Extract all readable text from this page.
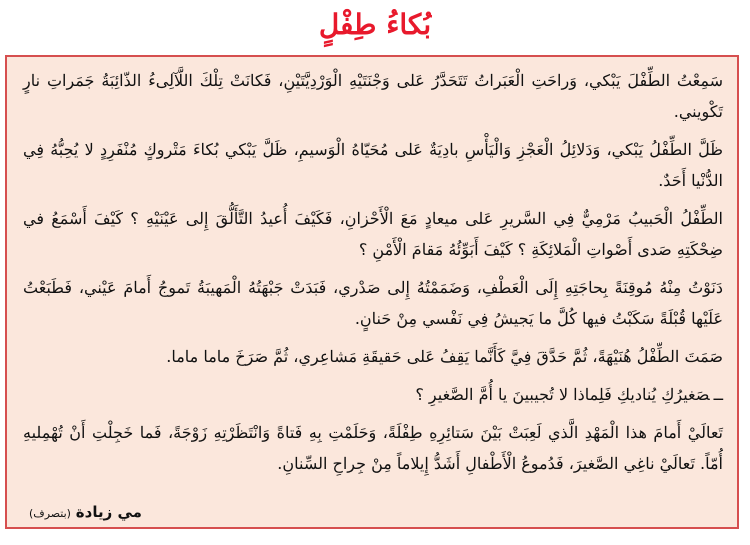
بُكاءُ طِفْلٍ

سَمِعْتُ الطِّفْلَ يَبْكي، وَراحَتِ الْعَبَراتُ تَتَحَدَّرُ عَلى وَجْنَتَيْهِ الْوَرْدِيَّتَيْنِ، فَكانَتْ تِلْكَ اللَّآلِىءُ الذّائِبَةُ جَمَراتِ نارٍ تَكْويني.

ظَلَّ الطِّفْلُ يَبْكي، وَدَلائِلُ الْعَجْزِ وَالْيَأْسِ بادِيَةٌ عَلى مُحَيّاهُ الْوَسيمِ، ظَلَّ يَبْكي بُكاءَ مَتْروكٍ مُنْفَرِدٍ لا يُحِبُّهُ فِي الدُّنْيا أَحَدٌ.

الطِّفْلُ الْحَبيبُ مَرْمِيٌّ فِي السَّريرِ عَلى ميعادٍ مَعَ الْأَحْزانِ، فَكَيْفَ أُعيدُ التَّأَلُّقَ إِلى عَيْنَيْهِ ؟ كَيْفَ أَسْمَعُ في ضِحْكَتِهِ صَدى أَصْواتِ الْمَلائِكَةِ ؟ كَيْفَ أَبَوِّئُهُ مَقامَ الْأَمْنِ ؟

دَنَوْتُ مِنْهُ مُوقِنَةً بِحاجَتِهِ إِلَى الْعَطْفِ، وَضَمَمْتُهُ إِلى صَدْري، فَبَدَتْ جَبْهَتُهُ الْمَهيبَةُ تَموجُ أَمامَ عَيْني، فَطَبَعْتُ عَلَيْها قُبْلَةً سَكَبْتُ فيها كُلَّ ما يَجيشُ فِي نَفْسي مِنْ حَنانٍ.

صَمَتَ الطِّفْلُ هُنَيْهَةً، ثُمَّ حَدَّقَ فِيَّ كَأَنَّما يَقِفُ عَلى حَقيقَةِ مَشاعِري، ثُمَّ صَرَخَ ماما ماما.

ــصَغيرُكِ يُناديكِ فَلِماذا لا تُجيبينَ يا أُمَّ الصَّغيرِ ؟

تَعالَيْ أَمامَ هذا الْمَهْدِ الَّذي لَعِبَتْ بَيْنَ سَتائِرِهِ طِفْلَةً، وَحَلَمْتِ بِهِ فَتاةً وَانْتَظَرْتِهِ زَوْجَةً، فَما خَجِلْتِ أَنْ تُهْمِليهِ أُمّاً. تَعالَيْ ناغِي الصَّغيرَ، فَدُموعُ الْأَطْفالِ أَشَدُّ إِيلاماً مِنْ جِراحِ السِّنانِ.

مي زيادة (بتصرف)
